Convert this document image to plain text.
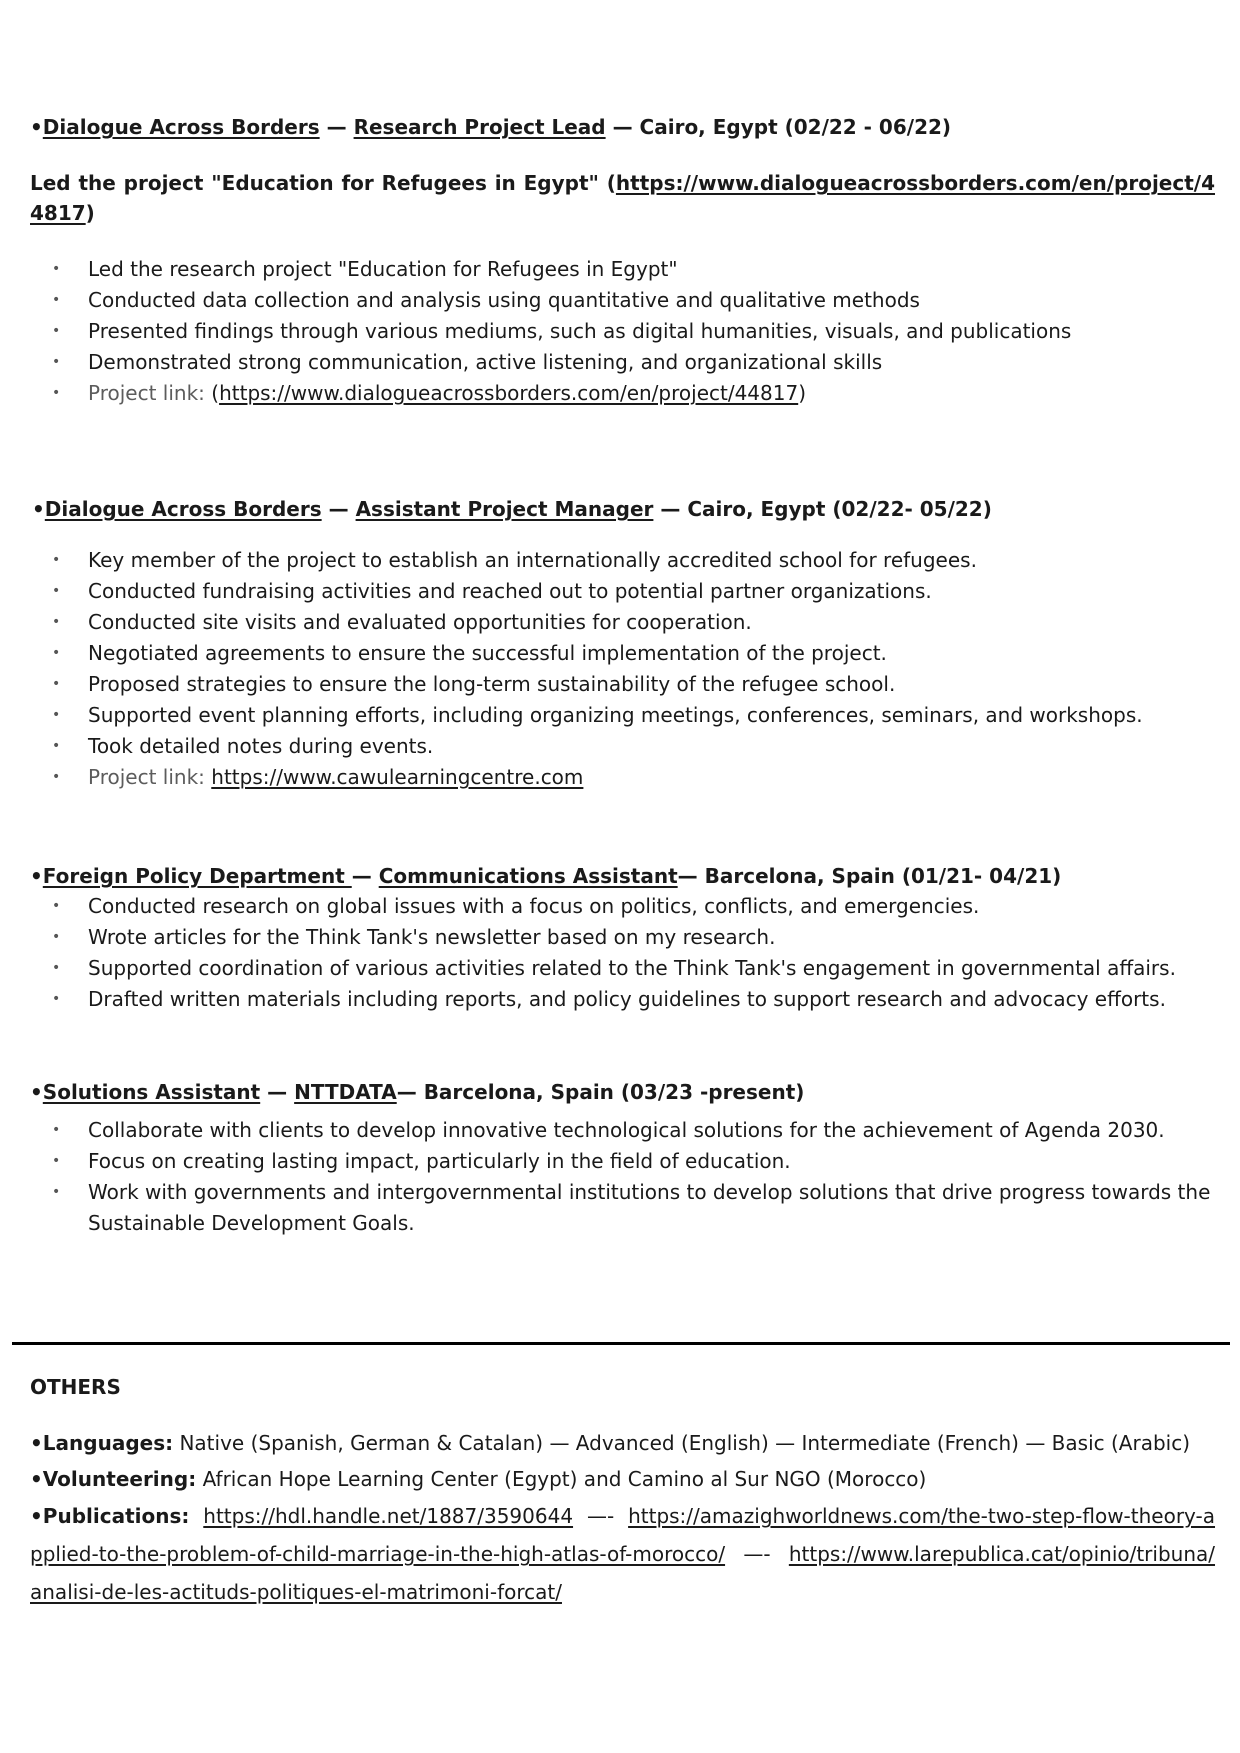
•Dialogue Across Borders — Research Project Lead — Cairo, Egypt (02/22 - 06/22)
Led the project "Education for Refugees in Egypt" (https://www.dialogueacrossborders.com/en/project/44817)
• Led the research project "Education for Refugees in Egypt"
• Conducted data collection and analysis using quantitative and qualitative methods
• Presented findings through various mediums, such as digital humanities, visuals, and publications
• Demonstrated strong communication, active listening, and organizational skills
• Project link: (https://www.dialogueacrossborders.com/en/project/44817)
•Dialogue Across Borders — Assistant Project Manager — Cairo, Egypt (02/22- 05/22)
• Key member of the project to establish an internationally accredited school for refugees.
• Conducted fundraising activities and reached out to potential partner organizations.
• Conducted site visits and evaluated opportunities for cooperation.
• Negotiated agreements to ensure the successful implementation of the project.
• Proposed strategies to ensure the long-term sustainability of the refugee school.
• Supported event planning efforts, including organizing meetings, conferences, seminars, and workshops.
• Took detailed notes during events.
• Project link: https://www.cawulearningcentre.com
•Foreign Policy Department — Communications Assistant— Barcelona, Spain (01/21- 04/21)
• Conducted research on global issues with a focus on politics, conflicts, and emergencies.
• Wrote articles for the Think Tank's newsletter based on my research.
• Supported coordination of various activities related to the Think Tank's engagement in governmental affairs.
• Drafted written materials including reports, and policy guidelines to support research and advocacy efforts.
•Solutions Assistant — NTTDATA— Barcelona, Spain (03/23 -present)
• Collaborate with clients to develop innovative technological solutions for the achievement of Agenda 2030.
• Focus on creating lasting impact, particularly in the field of education.
• Work with governments and intergovernmental institutions to develop solutions that drive progress towards the Sustainable Development Goals.
OTHERS

•Languages: Native (Spanish, German & Catalan) — Advanced (English) — Intermediate (French) — Basic (Arabic)

•Volunteering: African Hope Learning Center (Egypt) and Camino al Sur NGO (Morocco)

•Publications: https://hdl.handle.net/1887/3590644 —- https://amazighworldnews.com/the-two-step-flow-theory-applied-to-the-problem-of-child-marriage-in-the-high-atlas-of-morocco/ —- https://www.larepublica.cat/opinio/tribuna/analisi-de-les-actituds-politiques-el-matrimoni-forcat/
